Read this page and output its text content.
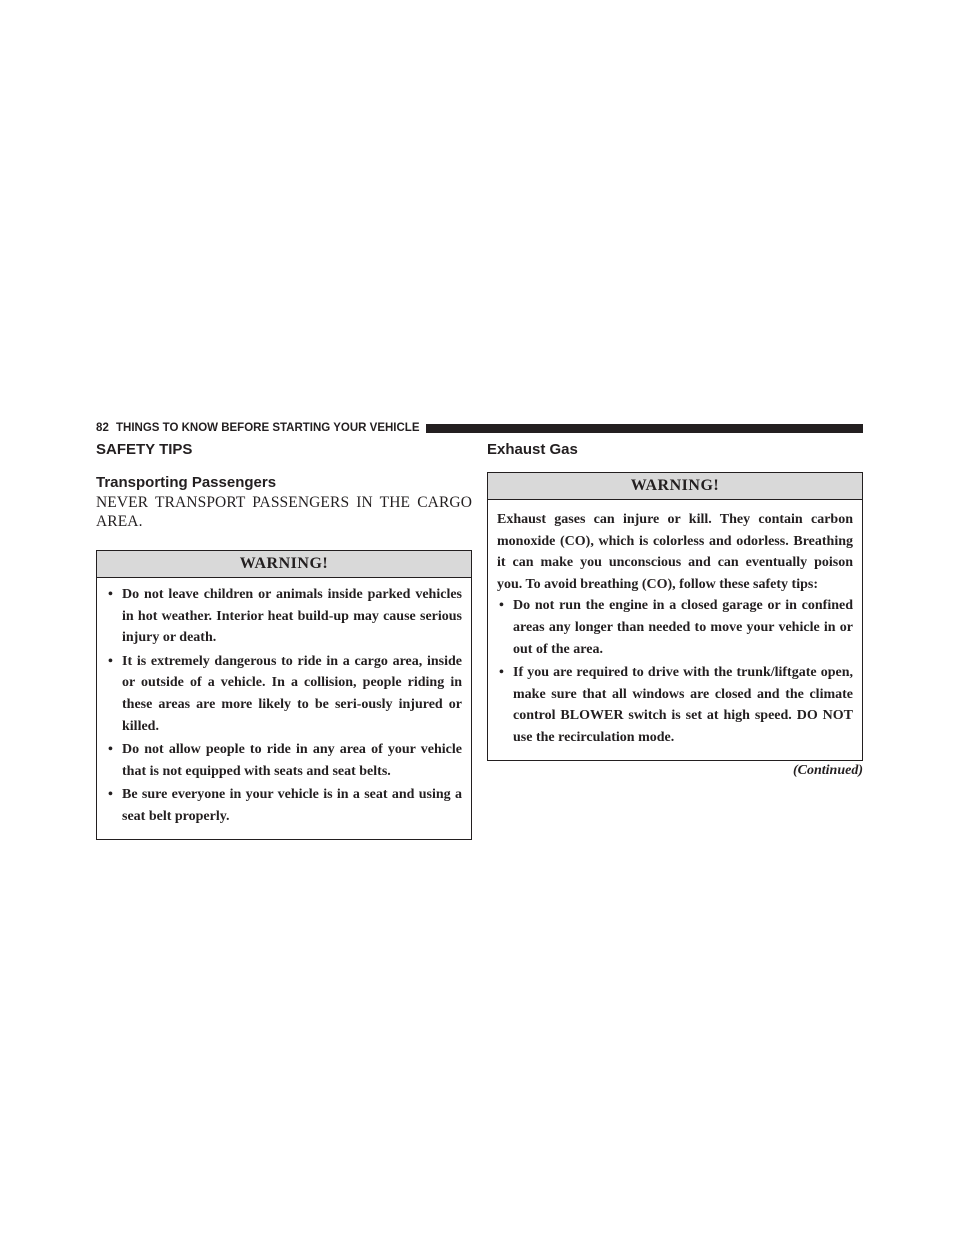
82 THINGS TO KNOW BEFORE STARTING YOUR VEHICLE
SAFETY TIPS
Transporting Passengers

NEVER TRANSPORT PASSENGERS IN THE CARGO AREA.

WARNING!
• Do not leave children or animals inside parked vehicles in hot weather. Interior heat build-up may cause serious injury or death.
• It is extremely dangerous to ride in a cargo area, inside or outside of a vehicle. In a collision, people riding in these areas are more likely to be seri-ously injured or killed.
• Do not allow people to ride in any area of your vehicle that is not equipped with seats and seat belts.
• Be sure everyone in your vehicle is in a seat and using a seat belt properly.
Exhaust Gas
WARNING!

Exhaust gases can injure or kill. They contain carbon monoxide (CO), which is colorless and odorless. Breathing it can make you unconscious and can eventually poison you. To avoid breathing (CO), follow these safety tips:

• Do not run the engine in a closed garage or in confined areas any longer than needed to move your vehicle in or out of the area.
• If you are required to drive with the trunk/liftgate open, make sure that all windows are closed and the climate control BLOWER switch is set at high speed. DO NOT use the recirculation mode.
(Continued)
